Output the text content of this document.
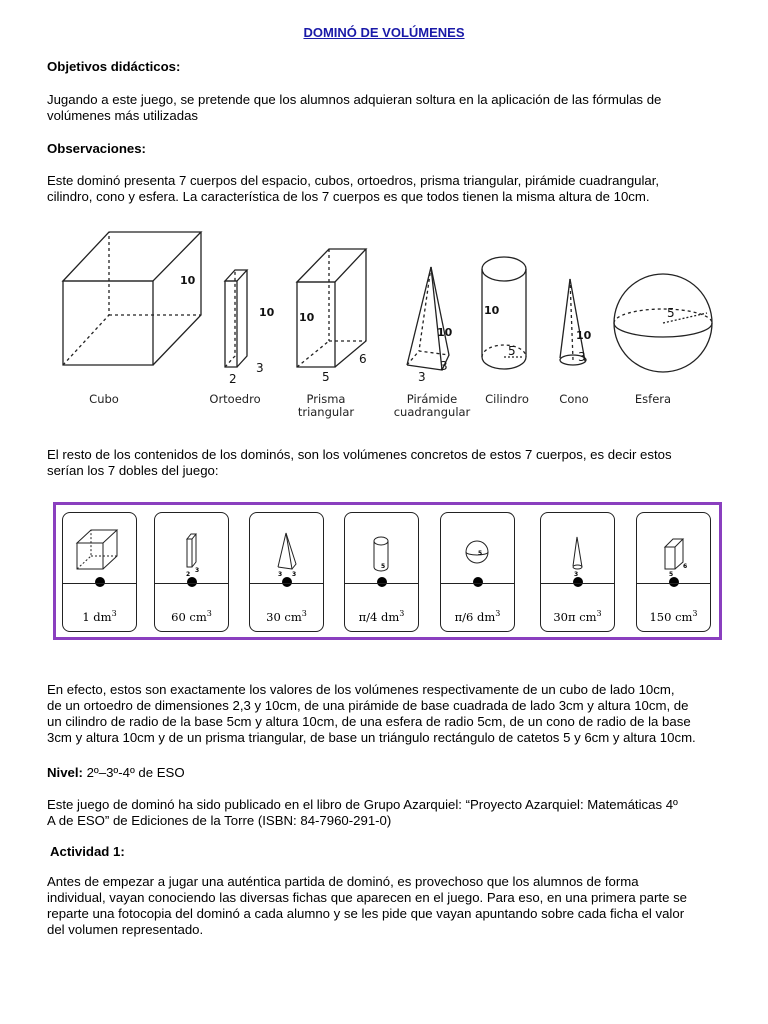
DOMINÓ DE VOLÚMENES
Objetivos didácticos:
Jugando a este juego, se pretende que los alumnos adquieran soltura en la aplicación de las fórmulas de
volúmenes más utilizadas
Observaciones:
Este dominó presenta 7 cuerpos del espacio, cubos, ortoedros, prisma triangular, pirámide cuadrangular,
cilindro, cono y esfera. La característica de los 7 cuerpos es que todos tienen la misma altura de 10cm.
10
10 10
10
10
10
2
3
5
6
3
3
5	3
5
Cubo	Ortoedro	Prisma
triangular
Pirámide
cuadrangular
Cilindro	Cono	Esfera
El resto de los contenidos de los dominós, son los volúmenes concretos de estos 7 cuerpos, es decir estos
serían los 7 dobles del juego:
1 $dm^3$
2
3
60 $cm^3$
3 3
30 $cm^3$
5
π/4 $dm^3$
5
π/6 $dm^3$
3
30π $cm^3$
5
6
150 $cm^3$
En efecto, estos son exactamente los valores de los volúmenes respectivamente de un cubo de lado 10cm,
de un ortoedro de dimensiones 2,3 y 10cm, de una pirámide de base cuadrada de lado 3cm y altura 10cm, de
un cilindro de radio de la base 5cm y altura 10cm, de una esfera de radio 5cm, de un cono de radio de la base
3cm y altura 10cm y de un prisma triangular, de base un triángulo rectángulo de catetos 5 y 6cm y altura 10cm.
Nivel: 2º–3º-4º de ESO
Este juego de dominó ha sido publicado en el libro de Grupo Azarquiel: “Proyecto Azarquiel: Matemáticas 4º
A de ESO” de Ediciones de la Torre (ISBN: 84-7960-291-0)
Actividad 1:
Antes de empezar a jugar una auténtica partida de dominó, es provechoso que los alumnos de forma
individual, vayan conociendo las diversas fichas que aparecen en el juego. Para eso, en una primera parte se
reparte una fotocopia del dominó a cada alumno y se les pide que vayan apuntando sobre cada ficha el valor
del volumen representado.
